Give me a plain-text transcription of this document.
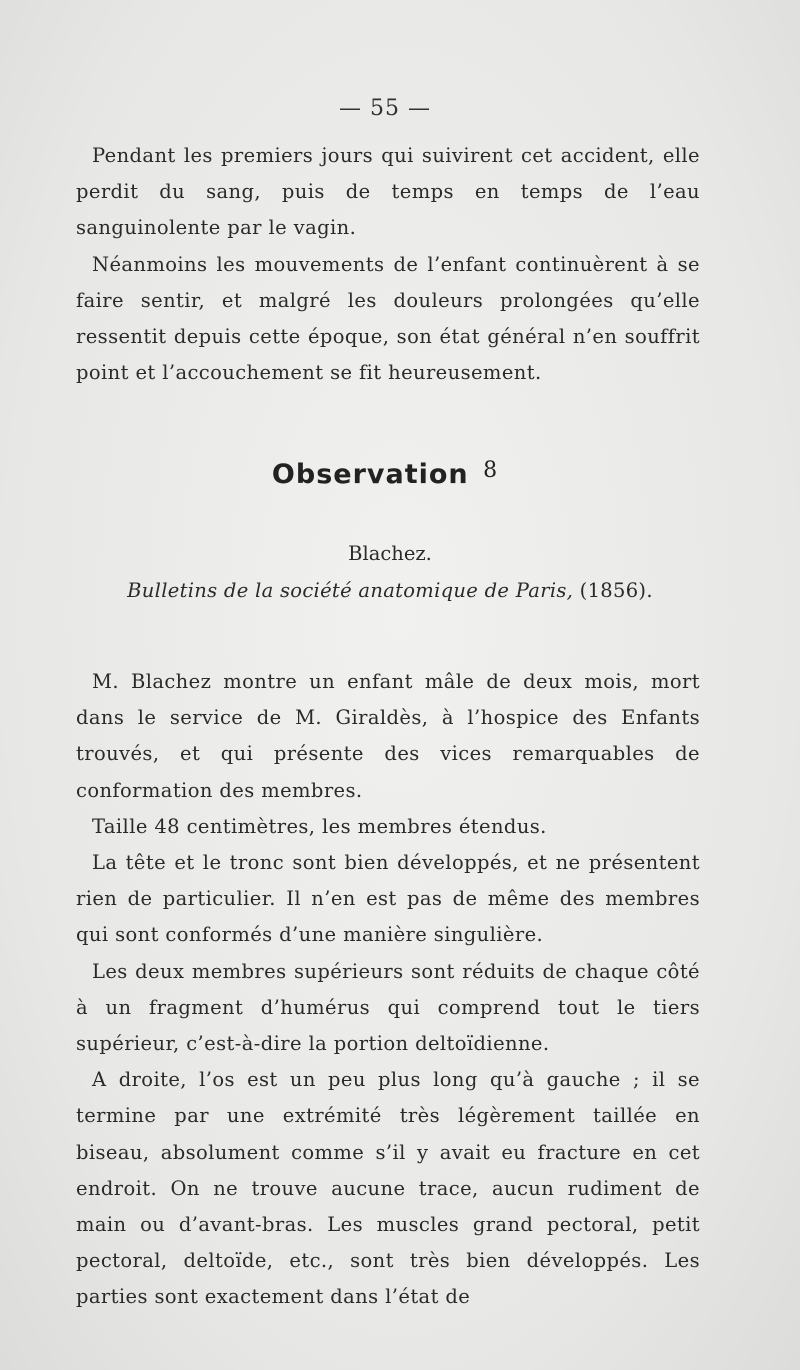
— 55 —

Pendant les premiers jours qui suivirent cet accident, elle perdit du sang, puis de temps en temps de l’eau sanguinolente par le vagin.

Néanmoins les mouvements de l’enfant continuèrent à se faire sentir, et malgré les douleurs prolongées qu’elle ressentit depuis cette époque, son état général n’en souffrit point et l’accouchement se fit heureusement.

Observation $^8$
Blachez.
Bulletins de la société anatomique de Paris, (1856).

M. Blachez montre un enfant mâle de deux mois, mort dans le service de M. Giraldès, à l’hospice des Enfants trouvés, et qui présente des vices remarquables de conformation des membres.

Taille 48 centimètres, les membres étendus.

La tête et le tronc sont bien développés, et ne présentent rien de particulier. Il n’en est pas de même des membres qui sont conformés d’une manière singulière.

Les deux membres supérieurs sont réduits de chaque côté à un fragment d’humérus qui comprend tout le tiers supérieur, c’est-à-dire la portion deltoïdienne.

A droite, l’os est un peu plus long qu’à gauche ; il se termine par une extrémité très légèrement taillée en biseau, absolument comme s’il y avait eu fracture en cet endroit. On ne trouve aucune trace, aucun rudiment de main ou d’avant-bras. Les muscles grand pectoral, petit pectoral, deltoïde, etc., sont très bien développés. Les parties sont exactement dans l’état de
